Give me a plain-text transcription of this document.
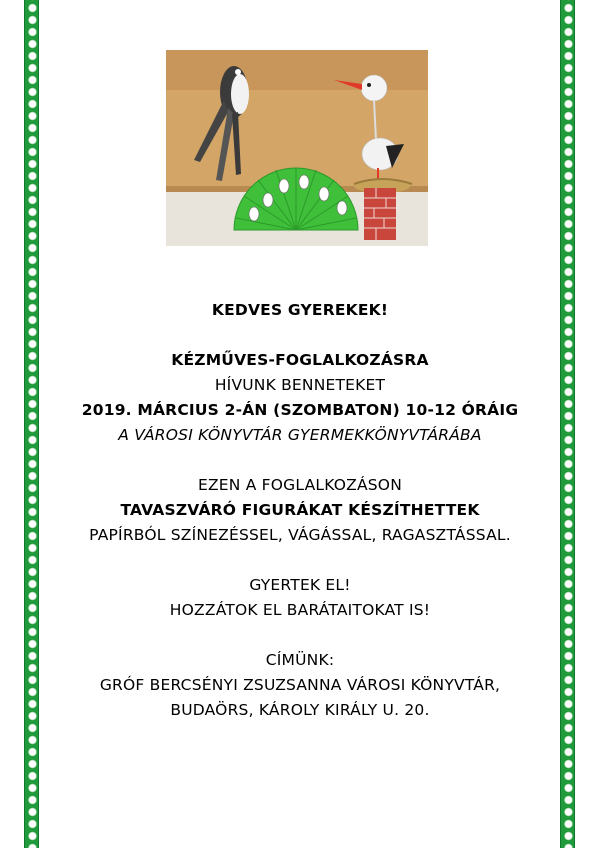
KEDVES GYEREKEK!
KÉZMŰVES-FOGLALKOZÁSRA
HÍVUNK BENNETEKET
2019. MÁRCIUS 2-ÁN (SZOMBATON) 10-12 ÓRÁIG
A VÁROSI KÖNYVTÁR GYERMEKKÖNYVTÁRÁBA
EZEN A FOGLALKOZÁSON
TAVASZVÁRÓ FIGURÁKAT KÉSZÍTHETTEK
PAPÍRBÓL SZÍNEZÉSSEL, VÁGÁSSAL, RAGASZTÁSSAL.
GYERTEK EL!
HOZZÁTOK EL BARÁTAITOKAT IS!
CÍMÜNK:
GRÓF BERCSÉNYI ZSUZSANNA VÁROSI KÖNYVTÁR,
BUDAÖRS, KÁROLY KIRÁLY U. 20.
